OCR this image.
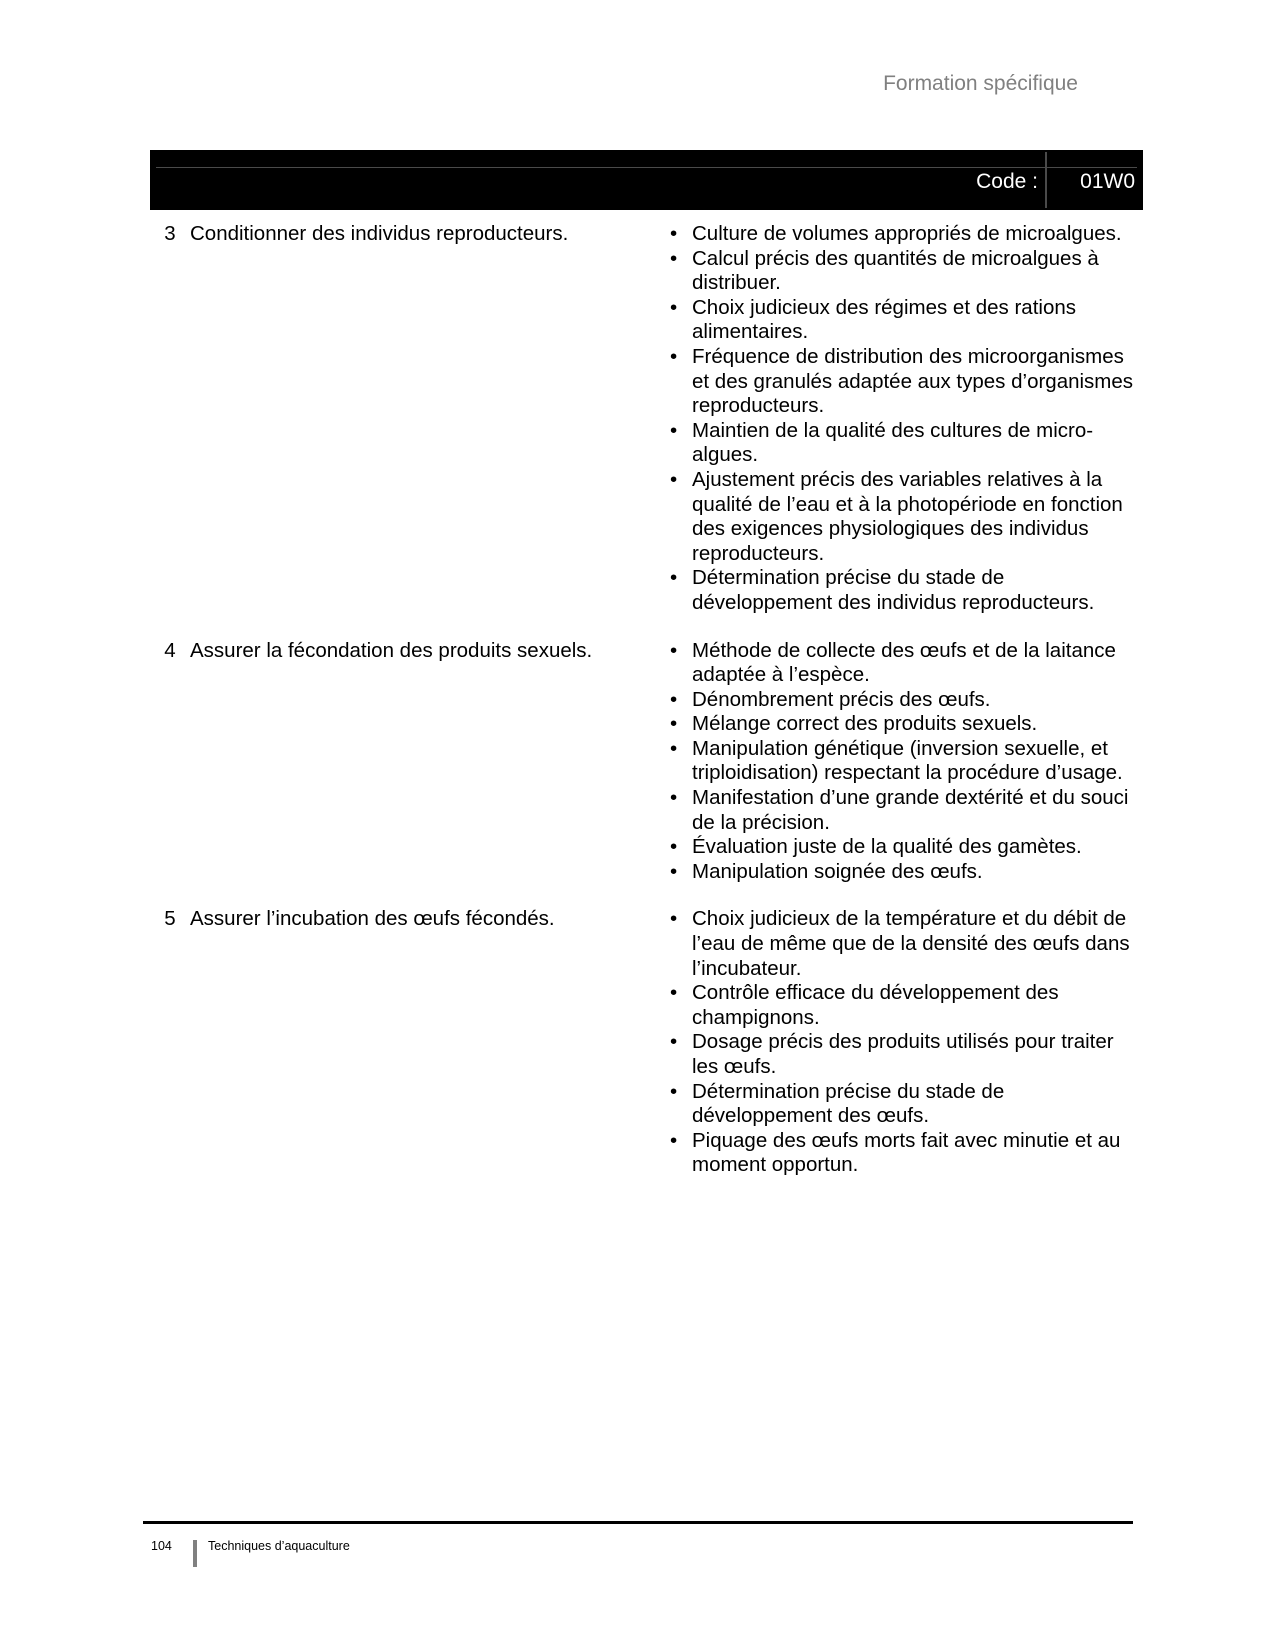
Formation spécifique
Code : 01W0
3 Conditionner des individus reproducteurs.	• Culture de volumes appropriés de microalgues.
• Calcul précis des quantités de microalgues à distribuer.
• Choix judicieux des régimes et des rations alimentaires.
• Fréquence de distribution des microorganismes et des granulés adaptée aux types d’organismes reproducteurs.
• Maintien de la qualité des cultures de micro-algues.
• Ajustement précis des variables relatives à la qualité de l’eau et à la photopériode en fonction des exigences physiologiques des individus reproducteurs.
• Détermination précise du stade de développement des individus reproducteurs.
4 Assurer la fécondation des produits sexuels.	• Méthode de collecte des œufs et de la laitance adaptée à l’espèce.
• Dénombrement précis des œufs.
• Mélange correct des produits sexuels.
• Manipulation génétique (inversion sexuelle, et triploidisation) respectant la procédure d’usage.
• Manifestation d’une grande dextérité et du souci de la précision.
• Évaluation juste de la qualité des gamètes.
• Manipulation soignée des œufs.
5 Assurer l’incubation des œufs fécondés.	• Choix judicieux de la température et du débit de l’eau de même que de la densité des œufs dans l’incubateur.
• Contrôle efficace du développement des champignons.
• Dosage précis des produits utilisés pour traiter les œufs.
• Détermination précise du stade de développement des œufs.
• Piquage des œufs morts fait avec minutie et au moment opportun.
104	Techniques d’aquaculture
